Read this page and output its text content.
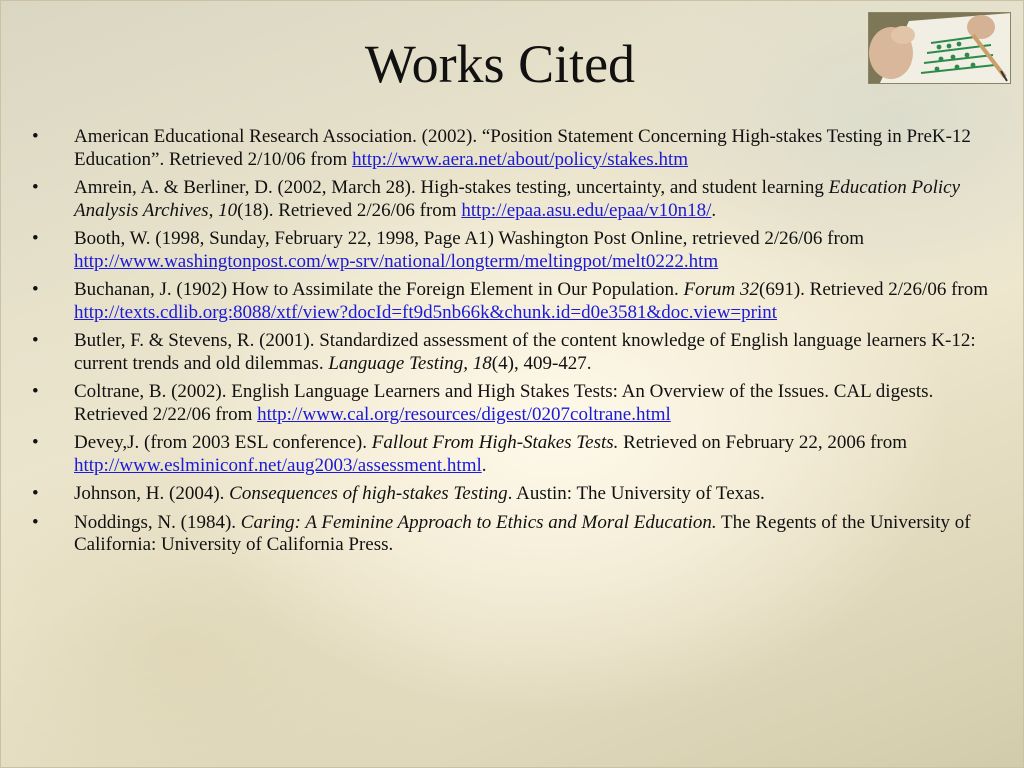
Works Cited
• American Educational Research Association. (2002). “Position Statement Concerning High-stakes Testing in PreK-12 Education”. Retrieved 2/10/06 from http://www.aera.net/about/policy/stakes.htm
• Amrein, A. & Berliner, D. (2002, March 28). High-stakes testing, uncertainty, and student learning Education Policy Analysis Archives, 10(18). Retrieved 2/26/06 from http://epaa.asu.edu/epaa/v10n18/.
• Booth, W. (1998, Sunday, February 22, 1998, Page A1) Washington Post Online, retrieved 2/26/06 from http://www.washingtonpost.com/wp-srv/national/longterm/meltingpot/melt0222.htm
• Buchanan, J. (1902) How to Assimilate the Foreign Element in Our Population. Forum 32(691). Retrieved 2/26/06 from http://texts.cdlib.org:8088/xtf/view?docId=ft9d5nb66k&chunk.id=d0e3581&doc.view=print
• Butler, F. & Stevens, R. (2001). Standardized assessment of the content knowledge of English language learners K-12: current trends and old dilemmas. Language Testing, 18(4), 409-427.
• Coltrane, B. (2002). English Language Learners and High Stakes Tests: An Overview of the Issues. CAL digests. Retrieved 2/22/06 from http://www.cal.org/resources/digest/0207coltrane.html
• Devey,J. (from 2003 ESL conference). Fallout From High-Stakes Tests. Retrieved on February 22, 2006 from http://www.eslminiconf.net/aug2003/assessment.html.
• Johnson, H. (2004). Consequences of high-stakes Testing. Austin: The University of Texas.
• Noddings, N. (1984). Caring: A Feminine Approach to Ethics and Moral Education. The Regents of the University of California: University of California Press.
